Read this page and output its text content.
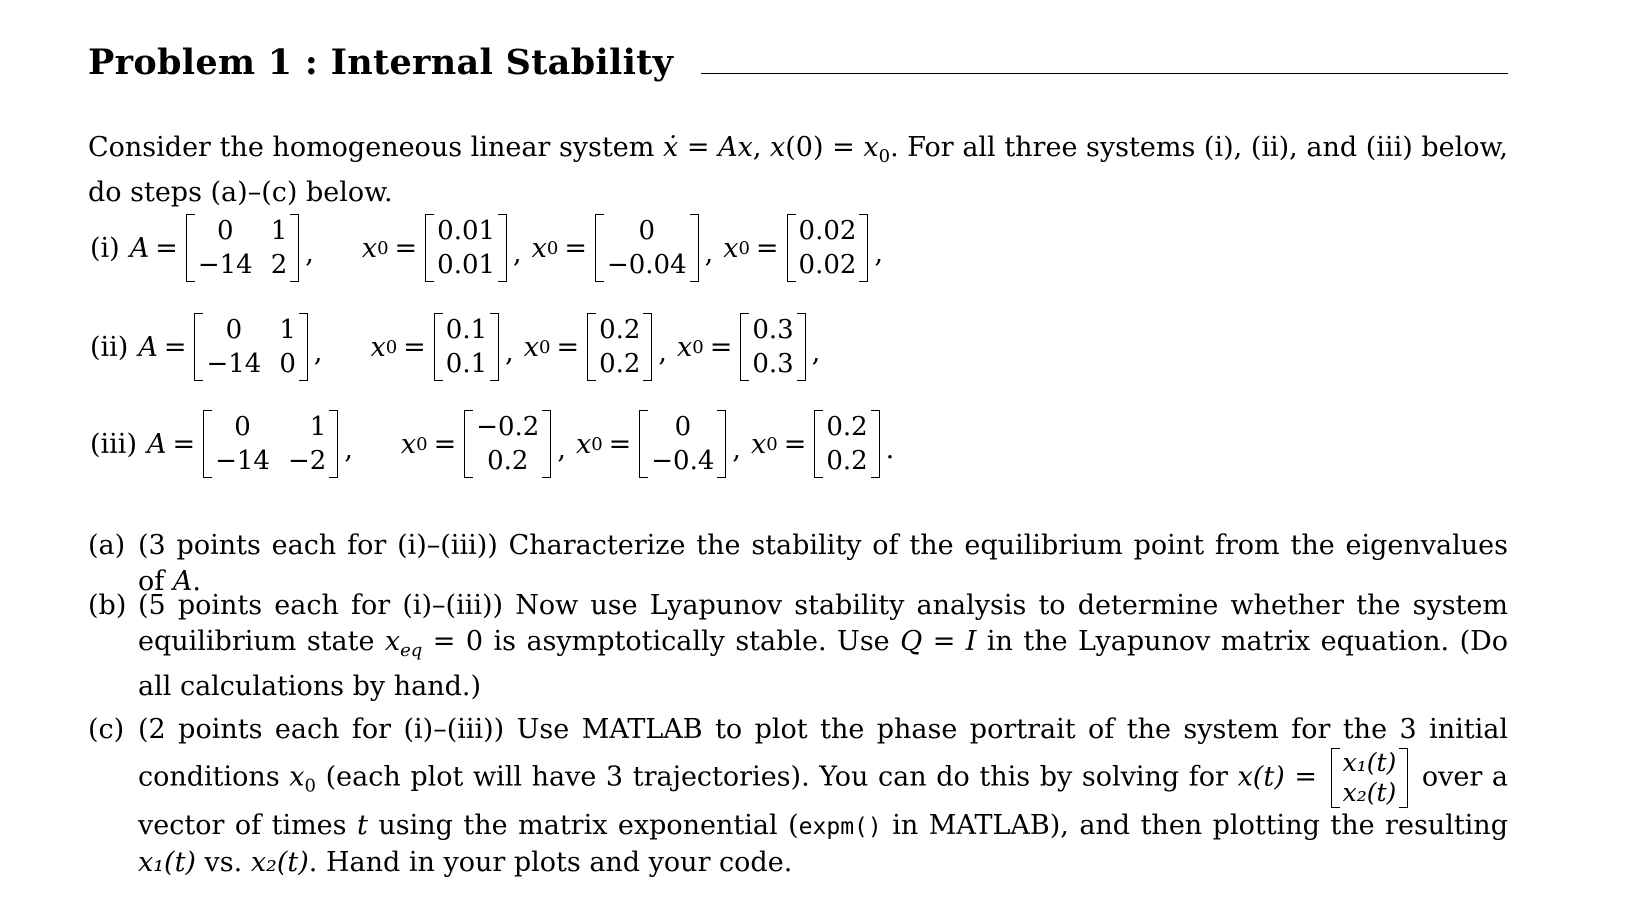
Problem 1 : Internal Stability
Consider the homogeneous linear system ẋ = Ax, $x(0) = x_0$. For all three systems (i), (ii), and (iii) below, do steps (a)–(c) below.
(i) A =
0	1
−14 2 , x 0 =
0.01
0.01 , x 0 =
0
−0.04 , x 0 =
0.02
0.02 ,
(ii) A =
0	1
−14 0 , x 0 =
0.1
0.1 , x 0 =
0.2
0.2 , x 0 =
0.3
0.3 ,
(iii) A =
0	1
−14 −2 , x 0 =
−0.2
0.2	, x 0 =
0
−0.4 , x 0 =
0.2
0.2 .
(a) (3 points each for (i)–(iii)) Characterize the stability of the equilibrium point from the eigenvalues of A.
(b) (5 points each for (i)–(iii)) Now use Lyapunov stability analysis to determine whether the system equilibrium state $x_{eq} = 0$ is asymptotically stable. Use Q = I in the Lyapunov matrix equation. (Do all calculations by hand.)
(c) (2 points each for (i)–(iii)) Use MATLAB to plot the phase portrait of the system for the 3 initial conditions $x_0$ (each plot will have 3 trajectories). You can do this by solving for x(t) = x₁(t)
x₂(t) over a vector of times t using the matrix exponential (expm() in MATLAB), and then plotting the resulting x₁(t) vs. x₂(t). Hand in your plots and your code.
